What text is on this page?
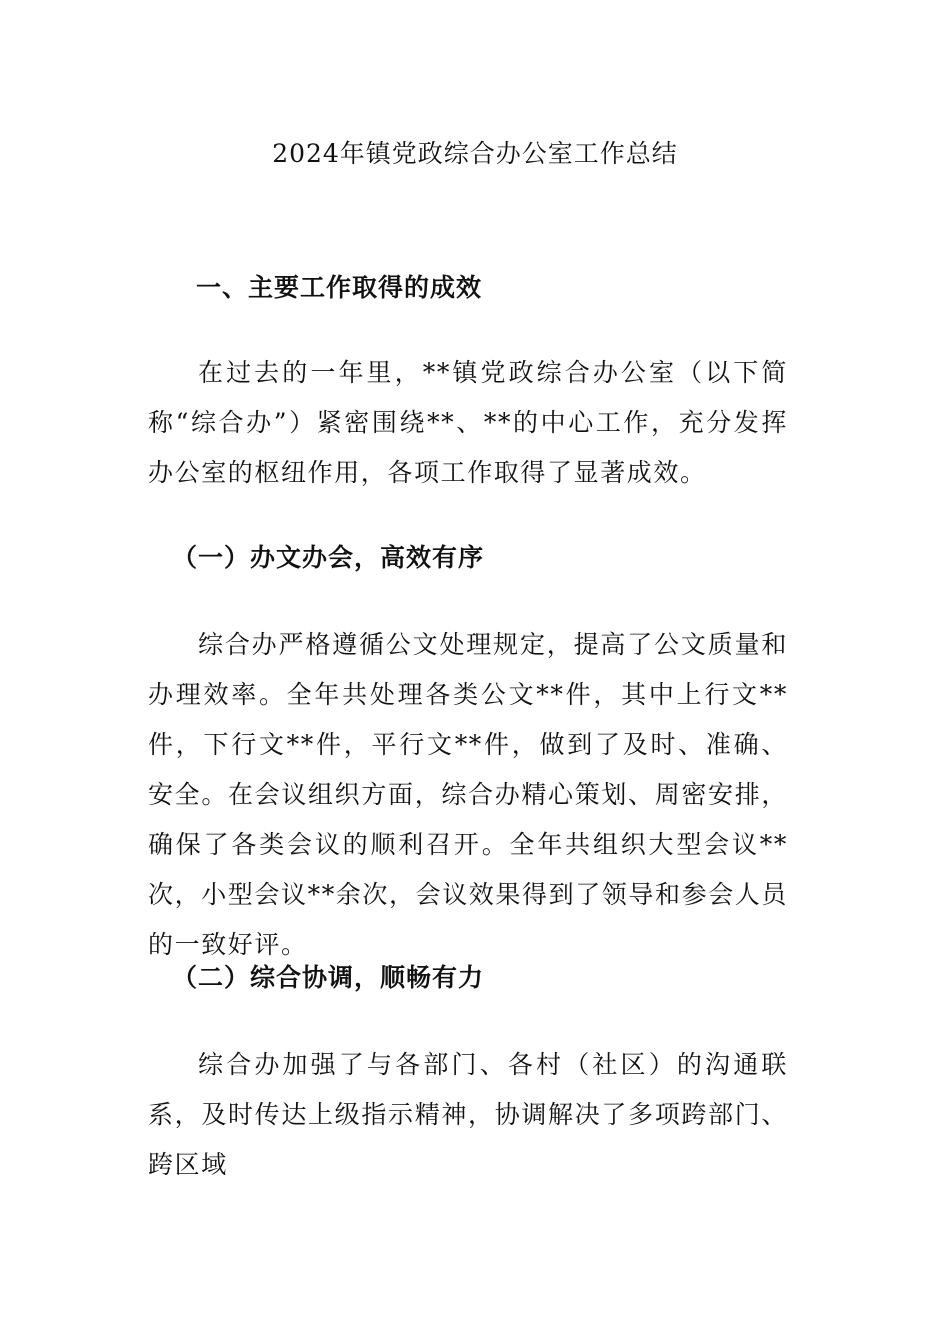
2024年镇党政综合办公室工作总结
一、主要工作取得的成效
在过去的一年里，**镇党政综合办公室（以下简称“综合办”）紧密围绕**、**的中心工作，充分发挥办公室的枢纽作用，各项工作取得了显著成效。
（一）办文办会，高效有序
综合办严格遵循公文处理规定，提高了公文质量和办理效率。全年共处理各类公文**件，其中上行文**件，下行文**件，平行文**件，做到了及时、准确、安全。在会议组织方面，综合办精心策划、周密安排，确保了各类会议的顺利召开。全年共组织大型会议**次，小型会议**余次，会议效果得到了领导和参会人员的一致好评。
（二）综合协调，顺畅有力
综合办加强了与各部门、各村（社区）的沟通联系，及时传达上级指示精神，协调解决了多项跨部门、跨区域
